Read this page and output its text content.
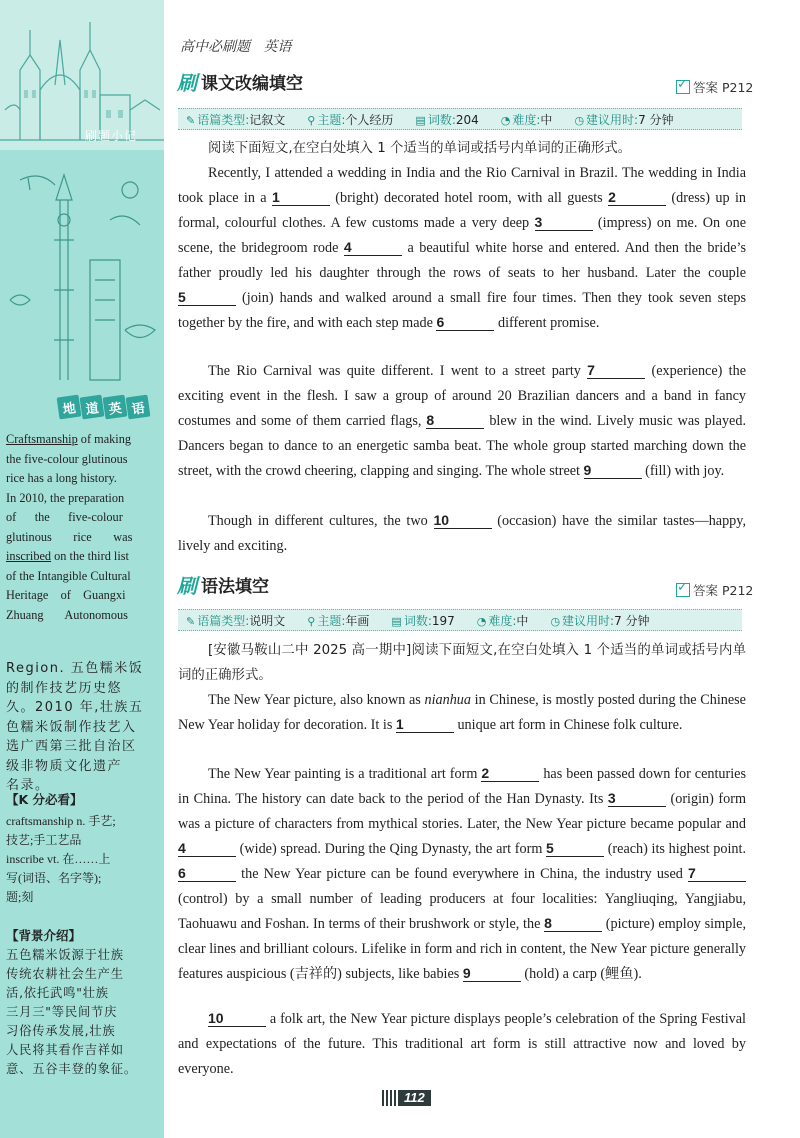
刷题小记
地 道 英 语
Craftsmanship of making
the five-colour glutinous
rice has a long history.
In 2010, the preparation
of      the      five-colour
glutinous       rice       was
inscribed on the third list
of the Intangible Cultural
Heritage    of    Guangxi
Zhuang       Autonomous
Region. 五色糯米饭
的制作技艺历史悠
久。2010 年,壮族五
色糯米饭制作技艺入
选广西第三批自治区
级非物质文化遗产
名录。
【K 分必看】
craftsmanship n. 手艺;
技艺;手工艺品
inscribe vt. 在……上
写(词语、名字等);
题;刻
【背景介绍】
五色糯米饭源于壮族
传统农耕社会生产生
活,依托武鸣"壮族
三月三"等民间节庆
习俗传承发展,壮族
人民将其看作吉祥如
意、五谷丰登的象征。
高中必刷题   英语
刷 课文改编填空 ✓	答案 P212
✎ 语篇类型:记叙文 ⚲ 主题:个人经历 ▤ 词数:204 ◔ 难度:中 ◷ 建议用时:7 分钟
阅读下面短文,在空白处填入 1 个适当的单词或括号内单词的正确形式。
Recently, I attended a wedding in India and the Rio Carnival in Brazil. The wedding in India took place in a 1	(bright) decorated hotel room, with all guests 2	(dress) up in formal, colourful clothes. A few customs made a very deep 3	(impress) on me. On one scene, the bridegroom rode 4	a beautiful white horse and entered. And then the bride’s father proudly led his daughter through the rows of seats to her husband. Later the couple 5	(join) hands and walked around a small fire four times. Then they took seven steps together by the fire, and with each step made 6	different promise.
The Rio Carnival was quite different. I went to a street party 7	(experience) the exciting event in the flesh. I saw a group of around 20 Brazilian dancers and a band in fancy costumes and some of them carried flags, 8	blew in the wind. Lively music was played. Dancers began to dance to an energetic samba beat. The whole group started marching down the street, with the crowd cheering, clapping and singing. The whole street 9	(fill) with joy.
Though in different cultures, the two 10	(occasion) have the similar tastes—happy, lively and exciting.
刷 语法填空 ✓	答案 P212
✎ 语篇类型:说明文 ⚲ 主题:年画 ▤ 词数:197 ◔ 难度:中 ◷ 建议用时:7 分钟
[安徽马鞍山二中 2025 高一期中]阅读下面短文,在空白处填入 1 个适当的单词或括号内单词的正确形式。
The New Year picture, also known as nianhua in Chinese, is mostly posted during the Chinese New Year holiday for decoration. It is 1	unique art form in Chinese folk culture.
The New Year painting is a traditional art form 2	has been passed down for centuries in China. The history can date back to the period of the Han Dynasty. Its 3	(origin) form was a picture of characters from mythical stories. Later, the New Year picture became popular and 4	(wide) spread. During the Qing Dynasty, the art form 5	(reach) its highest point. 6	the New Year picture can be found everywhere in China, the industry used 7 (control) by a small number of leading producers at four localities: Yangliuqing, Yangjiabu, Taohuawu and Foshan. In terms of their brushwork or style, the 8	(picture) employ simple, clear lines and brilliant colours. Lifelike in form and rich in content, the New Year picture generally features auspicious (吉祥的) subjects, like babies 9	(hold) a carp (鲤鱼).
10	a folk art, the New Year picture displays people’s celebration of the Spring Festival and expectations of the future. This traditional art form is still attractive now and loved by everyone.
112
